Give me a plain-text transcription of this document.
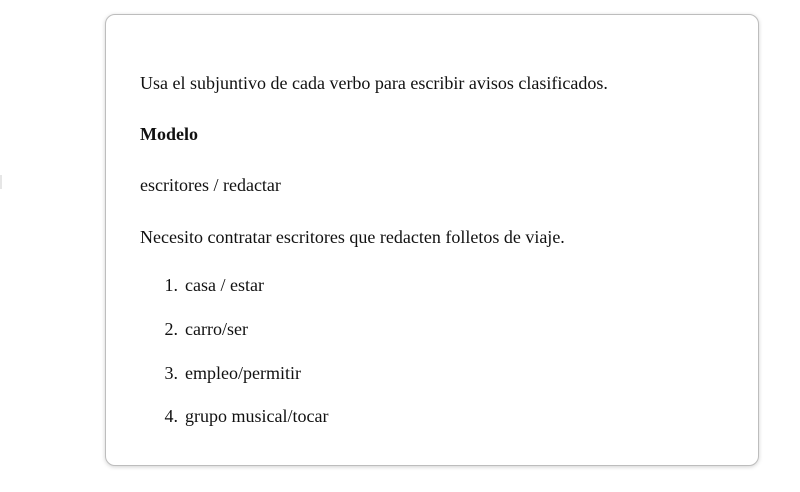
Usa el subjuntivo de cada verbo para escribir avisos clasificados.
Modelo
escritores / redactar
Necesito contratar escritores que redacten folletos de viaje.
1. casa / estar
2. carro/ser
3. empleo/permitir
4. grupo musical/tocar
